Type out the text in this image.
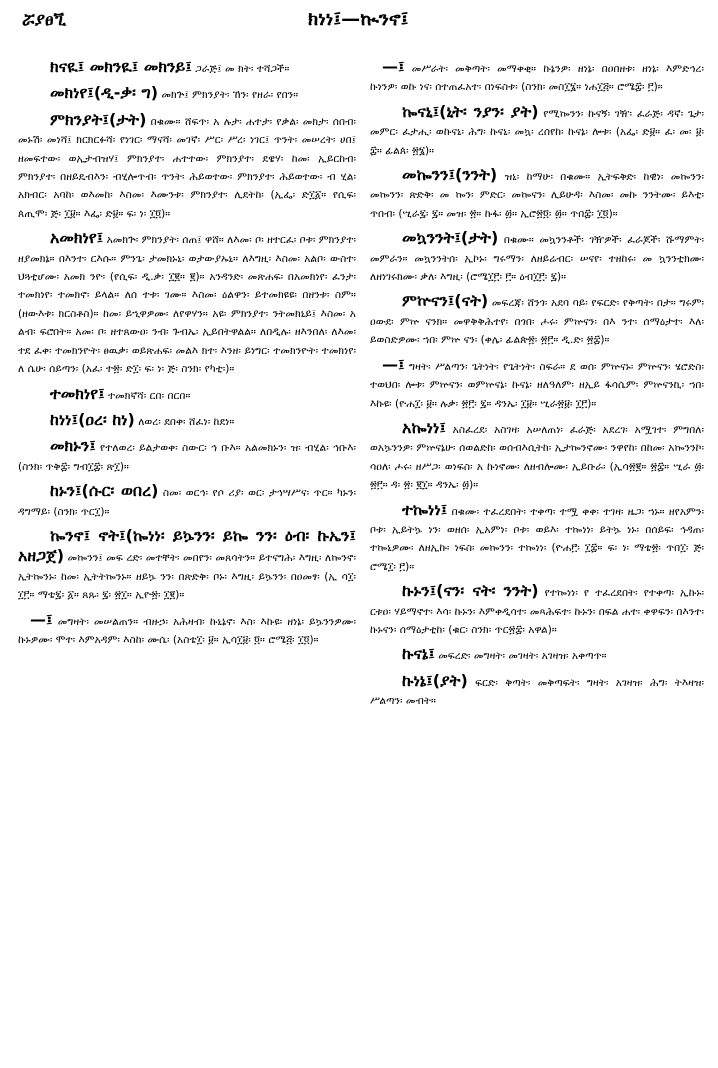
ሯያፀጚ	ክነነ፤—ኲንኖ፤

ክናዪ፤ መክንዪ፤ መክንይ፤ ጋራጅ፤ መ ክት፡ ተሻጋች።

መክነየ፤(ዲ-ቃ፡ ግ) መክጕ፤ ምክንያት፡ ኸን፡ የዘራ፡ የበን።

ምክንያት፤(ታት) በቁሙ። ሸፍጥ፡ አ ሉታ፡ ሐተታ፡ የቃል፡ መክታ፡ ሰበብ፡ መኑሽ፡ መነሻ፤ ክርክርፉሻ፡ የነገር፡ ማናሻ፡ መገኛ፡ ሥር፡ ሥረ፡ ነገር፤ ጥንት፡ መሠረት፡ ሀበ፤ ዘመፍተው፡ ወኢታብዝሃ፤ ምክንያተ፡ ሐተተው፡ ምክንያተ፡ ደዌሃ፡ ከመ፡ ኢይርከብ፡ ምክንያተ፡ በዘይዴብእን፡ ብሂሎጥብ፡ ጥንት፡ ሕይወተው፡ ምክንያተ፡ ሕይወተው፡ ብ ሂል፡ አክብር፡ አባከ፡ ወእመከ፡ እስመ፡ እሙንቱ፡ ምክንያተ፡ ሊደትከ፡ (ኢፌ፡ ድ፲፩። የሲፍ፡ ጰጢሞ፡ ጅ፡ ፲፱። እፌ፡ ድ፱። ፍ፡ ነ፡ ፲፬)።

አመክነየ፤ አመክጕ፡ ምክንያት፡ ሰጠ፤ ዋሸ። ለእመ፡ ቦ፡ ዘተርፈ፡ ቦቱ፡ ምክንያተ፡ ዘያመክኔ። በእንተ፡ ርእሱ። ምንጌ፡ ታመክኑኒ፡ ወታውያኡኒ። ለእግዚ፡ እስመ፡ አልቦ፡ ውስተ፡ ህጓቲሆሙ፡ አመክ ንዮ፡ (የሲፍ፡ ዲ.ቃ፡ ፲፪። ፪)። አንዳንድ፡ መጽሐፍ፡ በአመክነየ፡ ፈንታ፡ ተመክነየ፡ ተመክኖ፡ ይላል። ለሰ ተቱ፡ ገሙ። እስመ፡ ዕልዋን፡ ይተመክዩዩ፡ በዘንቱ፡ ስም። (ዘውእቱ፡ ክርስቶስ)። ከመ፡ ይኂዋዎሙ፡ ለየዋሃን። አዩ፡ ምክንያተ፡ ንትመክኒይ፤ እስመ፡ አ ልብ፡ ፍሮበት። አመ፡ ቦ፡ ዘተጸውዐ፡ ንብ፡ ጉብኤ፡ ኢይበትዋልል። ለበዲሉ፡ ዘእንበለ፡ ለእመ፡ ተደ ፈቀ፡ ተመክንዮት፡ ፀዉቃ፡ ወይጽሐፍ፡ መልእ ክተ፡ እንዘ፡ ይነግር፡ ተመክንዮት፡ ተመክነየ፡ ለ ሴሁ፡ ሰይጣን፡ (አፈ፡ ተ፳፡ ድ፲፡ ፍ፡ ነ፡ ጅ፡ ስንክ፡ የካቲ፡)።

ተመክነየ፤ ተመክኛሻ፡ ርበ፡ በርበ።

ከነነ፤(ዐረ፡ ከነ) ለወረ፡ ደበቀ፡ ሸፈነ፡ ከደነ።

መክኑን፤ የተለወረ፡ ይልታወቀ፡ ስውር፡ ኅ ቡእ። አልመክኑን፡ ዝ፡ ብሂል፡ ኅቡእ፡ (ስንክ፡ ጥቅ፰፡ ግብ፲፰፡ ጽ፲)።

ከኑን፤(ሱር፡ ወበረ) ስመ፡ ወርኅ፡ የሶ ሪያ፡ ወር፡ ታኅሣሥና፡ ጥር። ካኑን፡ ዳግማይ፡ (ስንክ፡ ጥር፲)።

ኰንኖ፤ ኖት፤(ኰነነ፡ ይኴንን፡ ይኰ ንን፡ ዕብ፡ ኩኤን፤ አዘጋጀ) መኰንን፤ መፍ ረድ፡ መተቸት፡ መበየን፡ መጸሳትን። ይተናግሕ፡ እግዚ፡ ለኰንኖ፡ ኢትኰንኑ፡ ከመ፡ ኢትትኰንኑ። ዘይኴ ንን፡ በጽድቅ፡ ቦኑ፡ እግዚ፡ ይኴንን፡ በዐመፃ፡ (ኢ ሳ፲፡ ፲፫። ማቴ፯፡ ፩። ጸጹ፡ ፯፡ ፳፲። ኢዮ፳፡ ፲፪)።

—፤ መግዛት፡ መሠልጠን። ብዙኃ፡ አሕዛብ፡ ኩኒኔኖ፡ እስ፡ እኩዩ፡ ዘነኔ፡ ይኴንንዎሙ፡ ኩኑዎሙ፡ ሞተ፡ እምአዳም፡ እስከ፡ ሙሴ፡ (አስቴ፲፡ ፱። ኢሳ፲፱፡ ፬። ሮሜ፭፡ ፲፬)።

—፤ መሥራት፡ መቅጣት፡ መማቀቂ። ኩኔንዎ፡ ዘነኔ፡ በዐበዘቱ፡ ዘነኔ፡ እምድኅረ፡ ኩነንዎ፡ ወኩ ነና፡ ሰተጠፈአተ፡ በነፍስቱ፡ (ስንክ፡ መስ፲፮። ነሐ፲፭። ሮሜ፰፡ ፫)።

ኰናኒ፤(ኒት፡ ንያን፡ ያት) የሚኰንን፡ ኩናኝ፡ ገዥ፡ ፈራጅ፡ ዳኛ፡ ጌታ፡ መምር፡ ፈታሒ፡ ወኩናኒ፡ ሕግ፡ ኩናኒ፡ መኳ፡ ረሰየከ፡ ኩናኔ፡ ሎቱ፡ (አፌ፡ ድ፱። ፈ፡ መ፡ ፱፡ ፰። ፊልጰ፡ ፳፮)።

መኰንን፤(ንንት) ዝኒ፡ ከማሁ፡ በቁሙ። ኢትፍቅድ፡ ከዊነ፡ መኰንን፡ መኰንን፡ ጽድቅ፡ መ ኰን፡ ምድር፡ መኰናን፡ ሊይሁዳ፡ እስመ፡ መኩ ንንትሙ፡ ይእቲ፡ ጥበብ፡ (ሢራ፯፡ ፯። መዝ፡ ፳። ኩፋ፡ ፴። ኢሮ፳፬፡ ፴። ጥበ፰፡ ፲፬)።

መኳንንት፤(ታት) በቁሙ። መኳንንቶች፡ ገዥዎች፡ ፈራጆች፡ ሹማምት፡ መምራን። መኳንንትሰ፡ ኢኮኑ፡ ግሩማን፡ ለዘይሬብር፡ ሠናየ፡ ተዘከሩ፡ መ ኳንንቲክሙ፡ ለዘነገሩክሙ፡ ቃለ፡ እግዚ፡ (ሮሜ፲፫፡ ፫። ዕብ፲፫፡ ፯)።

ምኵናን፤(ናት) መፍረጃ፡ ሸንጎ፡ አደባ ባይ፡ የፍርድ፡ የቅጣት፡ በታ። ግሩም፡ ዐውደ፡ ምኵ ናንክ። መዋቅቅሕተየ፡ በጎበ፡ ሖሩ፡ ምኵናን፡ በእ ንተ፡ ሰማዕታተ፡ እለ፡ ይወስድዎሙ፡ ኀበ፡ ምኵ ናን፡ (ቀሌ፡ ፊልጵ፳፡ ፳፫። ዲ.ድ፡ ፳፰)።

—፤ ግዛት፡ ሥልጣን፡ ጌትነት፡ የጌትነት፡ ስፍራ። ደ ወሰ፡ ምኵናኑ፡ ምኵናን፡ ሄሮድስ፡ ተወህበ፡ ሎቱ፡ ምኵናን፡ ወምኵናኔ፡ ኩናኔ፡ ዘለዓለም፡ ዘኢይ ፋሳሴም፡ ምኵናንኪ፡ ኀበ፡ እኩዩ፡ (ዮሐ፲፡ ፱። ሉቃ፡ ፳፫፡ ፯። ዳንኤ፡ ፲፱። ሢራ፳፱፡ ፲፫)።

አኰነነ፤ አስፈረደ፡ አስገዛ፡ አሠለጠነ፡ ፈራጅ፡ አደረገ፡ አሟገተ፡ ምግበለ፡ ወአኴንንዎ፡ ምኵናኔሁ፡ ሰወልድከ፡ ወሰብእሲትከ፡ ኢታኰንኖሙ፡ ንዋየከ፡ በከመ፡ አኰንንኮ፡ ሳዐለ፡ ሖሩ፡ ዘሥጋ፡ ወነፍስ፡ አ ኩነኖሙ፡ ለዘብሎሙ፡ ኢይቡራ፡ (ኢሳ፳፪። ፳፰። ሢራ ፴፡ ፳፫። ዳ፡ ፳፡ ፪፲። ዳንኤ፡ ፴)።

ተኰነነ፤ በቁሙ፡ ተፈረደበት፡ ተቀጣ፡ ተሟ ቀቀ፡ ተገዛ፡ ዜጋ፡ ኀኑ። ዘየአምን፡ ቦቱ፡ ኢይትኴ ነን፡ ወዘሰ፡ ኢአምነ፡ ቦቱ፡ ወይእ፡ ተኰነነ፡ ይትኴ ነኑ፡ በሰይፍ፡ ኅዳጠ፡ ተኰኒዎሙ፡ ለዘኢኩ፡ ነፍስ፡ መኰንን፡ ተኰነነ፡ (ዮሐ፫፡ ፲፰። ፍ፡ ነ፡ ማቴ፳፡ ጥበ፲፡ ጅ፡ ሮሜ፲፡ ፫)።

ኩኑን፤(ናን፡ ናት፡ ንንት) የተኰነነ፡ የ ተፈረደበት፡ የተቀጣ፡ ኢኩኑ፡ ርቱዐ፡ ሃይማኖተ፡ እሳ፡ ኩኑን፡ እምቀዲሳተ፡ መጻሕፍተ፡ ኩኑን፡ በፍል ሐተ፡ ቀዋፍን፡ በእንተ፡ ኩኑናን፡ ሰማዕታቲከ፡ (ቁር፡ ስንክ፡ ጥር፳፰፡ አዋል)።

ኩናኔ፤ መፍረድ፡ መግዛት፡ መገዛት፡ አገዛዝ፡ አቀጣጥ።

ኩነኔ፤(ያት) ፍርድ፡ ቅጣት፡ መቅጣፍት፡ ግዛት፡ አገዛዝ፡ ሕግ፡ ትእዛዝ፡ ሥልጣን፡ መብት።
